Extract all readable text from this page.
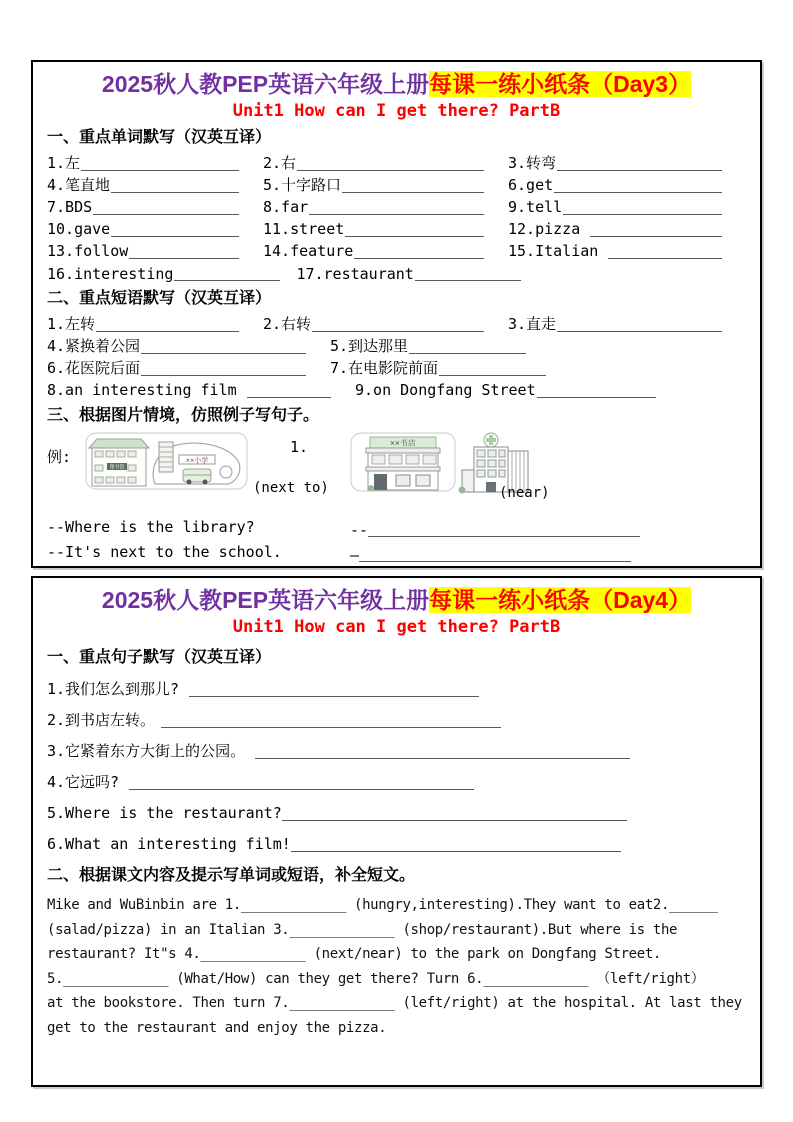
2025秋人教PEP英语六年级上册每课一练小纸条（Day3）
Unit1 How can I get there? PartB
一、重点单词默写（汉英互译）
1.左	2.右	3.转弯
4.笔直地	5.十字路口	6.get
7.BDS	8.far	9.tell
10.gave	11.street	12.pizza
13.follow	14.feature	15.Italian
16.interesting	17.restaurant
二、重点短语默写（汉英互译）
1.左转	2.右转	3.直走
4.紧换着公园	5.到达那里
6.花医院后面	7.在电影院前面
8.an interesting film	9.on Dongfang Street
三、根据图片情境，仿照例子写句子。
例:
图书馆
××小学
(next to)
1.	××书店
(near)
--Where is the library?
--It's next to the school.
--
—
2025秋人教PEP英语六年级上册每课一练小纸条（Day4）
Unit1 How can I get there? PartB
一、重点句子默写（汉英互译）
1.我们怎么到那儿?
2.到书店左转。
3.它紧着东方大街上的公园。
4.它远吗?
5.Where is the restaurant?
6.What an interesting film!
二、根据课文内容及提示写单词或短语，补全短文。
Mike and WuBinbin are 1._____________ (hungry,interesting).They want to eat2.______
(salad/pizza) in an Italian 3._____________ (shop/restaurant).But where is the
restaurant? It"s 4._____________ (next/near) to the park on Dongfang Street.
5._____________ (What/How) can they get there? Turn 6._____________ （left/right）
at the bookstore. Then turn 7._____________ (left/right) at the hospital. At last they
get to the restaurant and enjoy the pizza.
